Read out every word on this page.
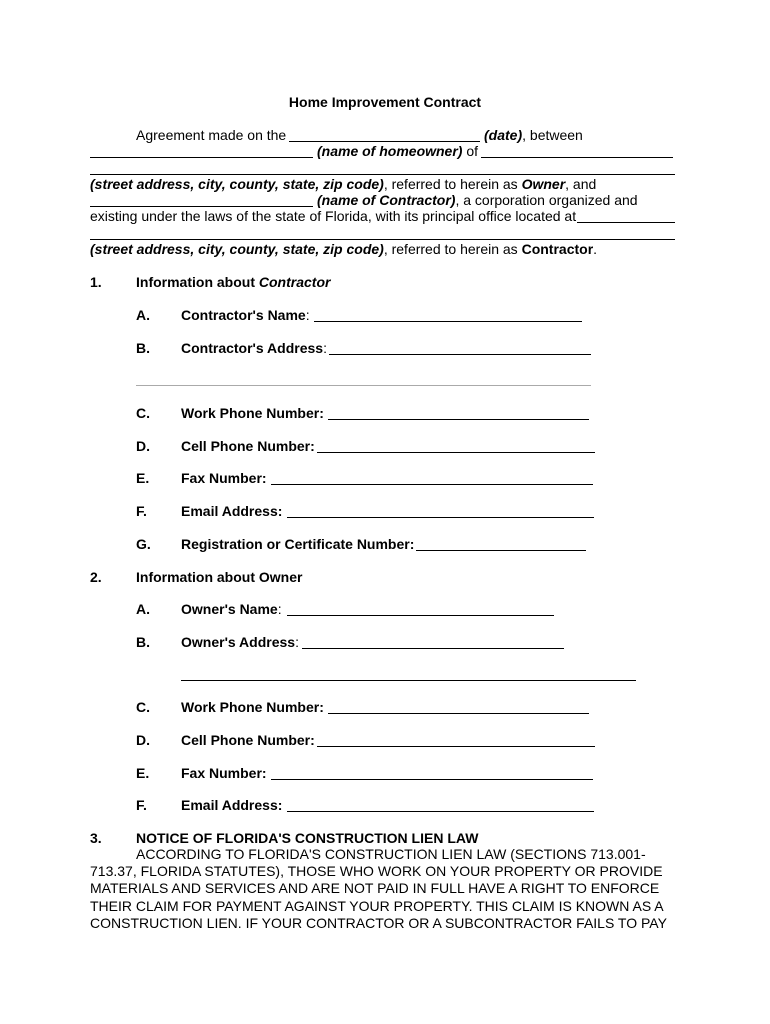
Home Improvement Contract
Agreement made on the	(date), between
(name of homeowner) of
(street address, city, county, state, zip code), referred to herein as Owner, and
(name of Contractor), a corporation organized and
existing under the laws of the state of Florida, with its principal office located at
(street address, city, county, state, zip code), referred to herein as Contractor.
1. Information about Contractor
A. Contractor's Name:
B. Contractor's Address:
C. Work Phone Number:
D. Cell Phone Number:
E. Fax Number:
F. Email Address:
G. Registration or Certificate Number:
2. Information about Owner
A. Owner's Name:
B. Owner's Address:
C. Work Phone Number:
D. Cell Phone Number:
E. Fax Number:
F. Email Address:
3. NOTICE OF FLORIDA'S CONSTRUCTION LIEN LAW
ACCORDING TO FLORIDA'S CONSTRUCTION LIEN LAW (SECTIONS 713.001-713.37, FLORIDA STATUTES), THOSE WHO WORK ON YOUR PROPERTY OR PROVIDE MATERIALS AND SERVICES AND ARE NOT PAID IN FULL HAVE A RIGHT TO ENFORCE THEIR CLAIM FOR PAYMENT AGAINST YOUR PROPERTY. THIS CLAIM IS KNOWN AS A CONSTRUCTION LIEN. IF YOUR CONTRACTOR OR A SUBCONTRACTOR FAILS TO PAY
